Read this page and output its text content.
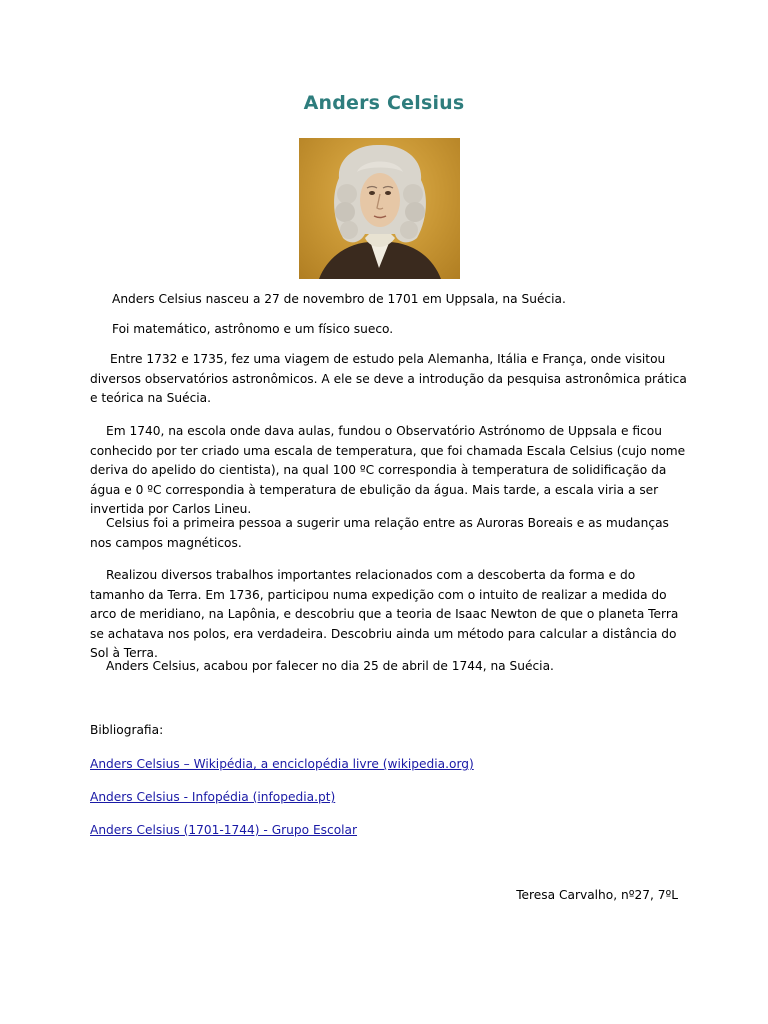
Anders Celsius

Anders Celsius nasceu a 27 de novembro de 1701 em Uppsala, na Suécia.

Foi matemático, astrônomo e um físico sueco.

Entre 1732 e 1735, fez uma viagem de estudo pela Alemanha, Itália e França, onde visitou diversos observatórios astronômicos. A ele se deve a introdução da pesquisa astronômica prática e teórica na Suécia.

Em 1740, na escola onde dava aulas, fundou o Observatório Astrónomo de Uppsala e ficou conhecido por ter criado uma escala de temperatura, que foi chamada Escala Celsius (cujo nome deriva do apelido do cientista), na qual 100 ºC correspondia à temperatura de solidificação da água e 0 ºC correspondia à temperatura de ebulição da água. Mais tarde, a escala viria a ser invertida por Carlos Lineu.

Celsius foi a primeira pessoa a sugerir uma relação entre as Auroras Boreais e as mudanças nos campos magnéticos.

Realizou diversos trabalhos importantes relacionados com a descoberta da forma e do tamanho da Terra. Em 1736, participou numa expedição com o intuito de realizar a medida do arco de meridiano, na Lapônia, e descobriu que a teoria de Isaac Newton de que o planeta Terra se achatava nos polos, era verdadeira. Descobriu ainda um método para calcular a distância do Sol à Terra.

Anders Celsius, acabou por falecer no dia 25 de abril de 1744, na Suécia.

Bibliografia:
Anders Celsius – Wikipédia, a enciclopédia livre (wikipedia.org)
Anders Celsius - Infopédia (infopedia.pt)
Anders Celsius (1701-1744) - Grupo Escolar
Teresa Carvalho, nº27, 7ºL
